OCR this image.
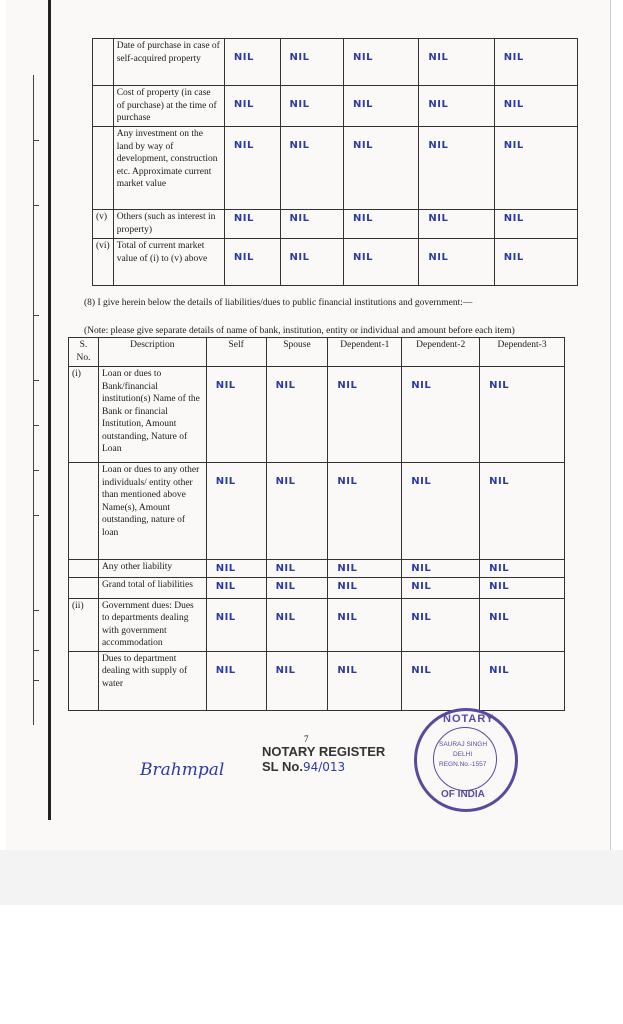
	Date of purchase in case of self-acquired property	NIL	NIL	NIL	NIL	NIL

	Cost of property (in case of purchase) at the time of purchase	NIL	NIL	NIL	NIL	NIL

	Any investment on the land by way of development, construction etc. Approximate current market value	NIL	NIL	NIL	NIL	NIL

(v)	Others (such as interest in property)	NIL	NIL	NIL	NIL	NIL

(vi)	Total of current market value of (i) to (v) above	NIL	NIL	NIL	NIL	NIL
(8) I give herein below the details of liabilities/dues to public financial institutions and government:—
(Note: please give separate details of name of bank, institution, entity or individual and amount before each item)
S. No.	Description	Self	Spouse	Dependent-1	Dependent-2	Dependent-3
(i)	Loan or dues to Bank/financial institution(s) Name of the Bank or financial Institution, Amount outstanding, Nature of Loan	NIL	NIL	NIL	NIL	NIL

	Loan or dues to any other individuals/ entity other than mentioned above Name(s), Amount outstanding, nature of loan	NIL	NIL	NIL	NIL	NIL

	Any other liability	NIL	NIL	NIL	NIL	NIL

	Grand total of liabilities	NIL	NIL	NIL	NIL	NIL

(ii)	Government dues: Dues to departments dealing with government accommodation	NIL	NIL	NIL	NIL	NIL

	Dues to department dealing with supply of water	NIL	NIL	NIL	NIL	NIL
7
NOTARY REGISTER
SL No.94/013
Brahmpal
NOTARY
OF INDIA
SAURAJ SINGH
DELHI
REGN.No.-1557
